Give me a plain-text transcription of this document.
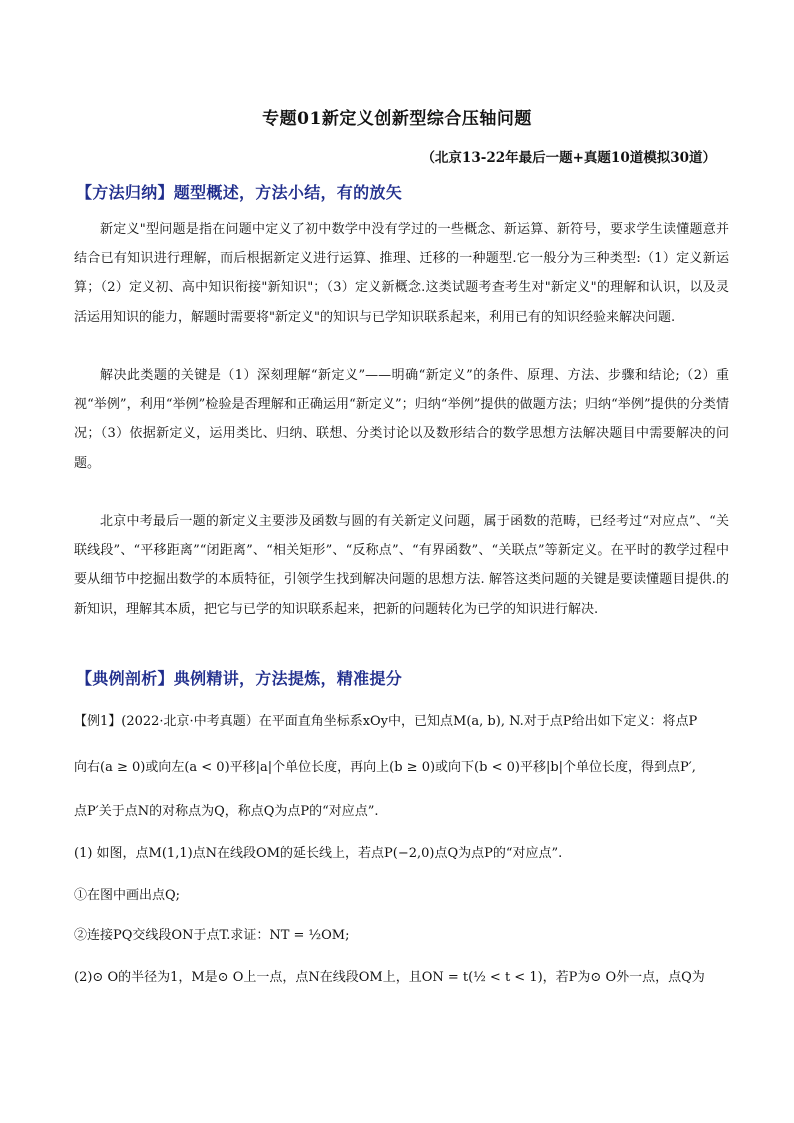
专题01新定义创新型综合压轴问题
（北京13-22年最后一题+真题10道模拟30道）
【方法归纳】题型概述，方法小结，有的放矢

新定义"型问题是指在问题中定义了初中数学中没有学过的一些概念、新运算、新符号，要求学生读懂题意并结合已有知识进行理解，而后根据新定义进行运算、推理、迁移的一种题型.它一般分为三种类型:（1）定义新运算；（2）定义初、高中知识衔接"新知识"；（3）定义新概念.这类试题考查考生对"新定义"的理解和认识，以及灵活运用知识的能力，解题时需要将"新定义"的知识与已学知识联系起来，利用已有的知识经验来解决问题.

解决此类题的关键是（1）深刻理解“新定义”——明确“新定义”的条件、原理、方法、步骤和结论;（2）重视“举例”，利用“举例”检验是否理解和正确运用“新定义”；归纳“举例”提供的做题方法；归纳“举例”提供的分类情况；（3）依据新定义，运用类比、归纳、联想、分类讨论以及数形结合的数学思想方法解决题目中需要解决的问题。

北京中考最后一题的新定义主要涉及函数与圆的有关新定义问题，属于函数的范畴，已经考过“对应点”、“关联线段”、“平移距离”“闭距离”、“相关矩形”、“反称点”、“有界函数”、“关联点”等新定义。在平时的教学过程中要从细节中挖掘出数学的本质特征，引领学生找到解决问题的思想方法. 解答这类问题的关键是要读懂题目提供.的新知识，理解其本质，把它与已学的知识联系起来，把新的问题转化为已学的知识进行解决.

【典例剖析】典例精讲，方法提炼，精准提分

【例1】(2022·北京·中考真题）在平面直角坐标系xOy中，已知点M(a, b), N.对于点P给出如下定义：将点P

向右(a ≥ 0)或向左(a < 0)平移|a|个单位长度，再向上(b ≥ 0)或向下(b < 0)平移|b|个单位长度，得到点P′,

点P′关于点N的对称点为Q，称点Q为点P的“对应点”.

(1) 如图，点M(1,1)点N在线段OM的延长线上，若点P(−2,0)点Q为点P的“对应点”.

①在图中画出点Q;

②连接PQ交线段ON于点T.求证：NT = ½OM;

(2)⊙ O的半径为1，M是⊙ O上一点，点N在线段OM上，且ON = t(½ < t < 1)，若P为⊙ O外一点，点Q为
